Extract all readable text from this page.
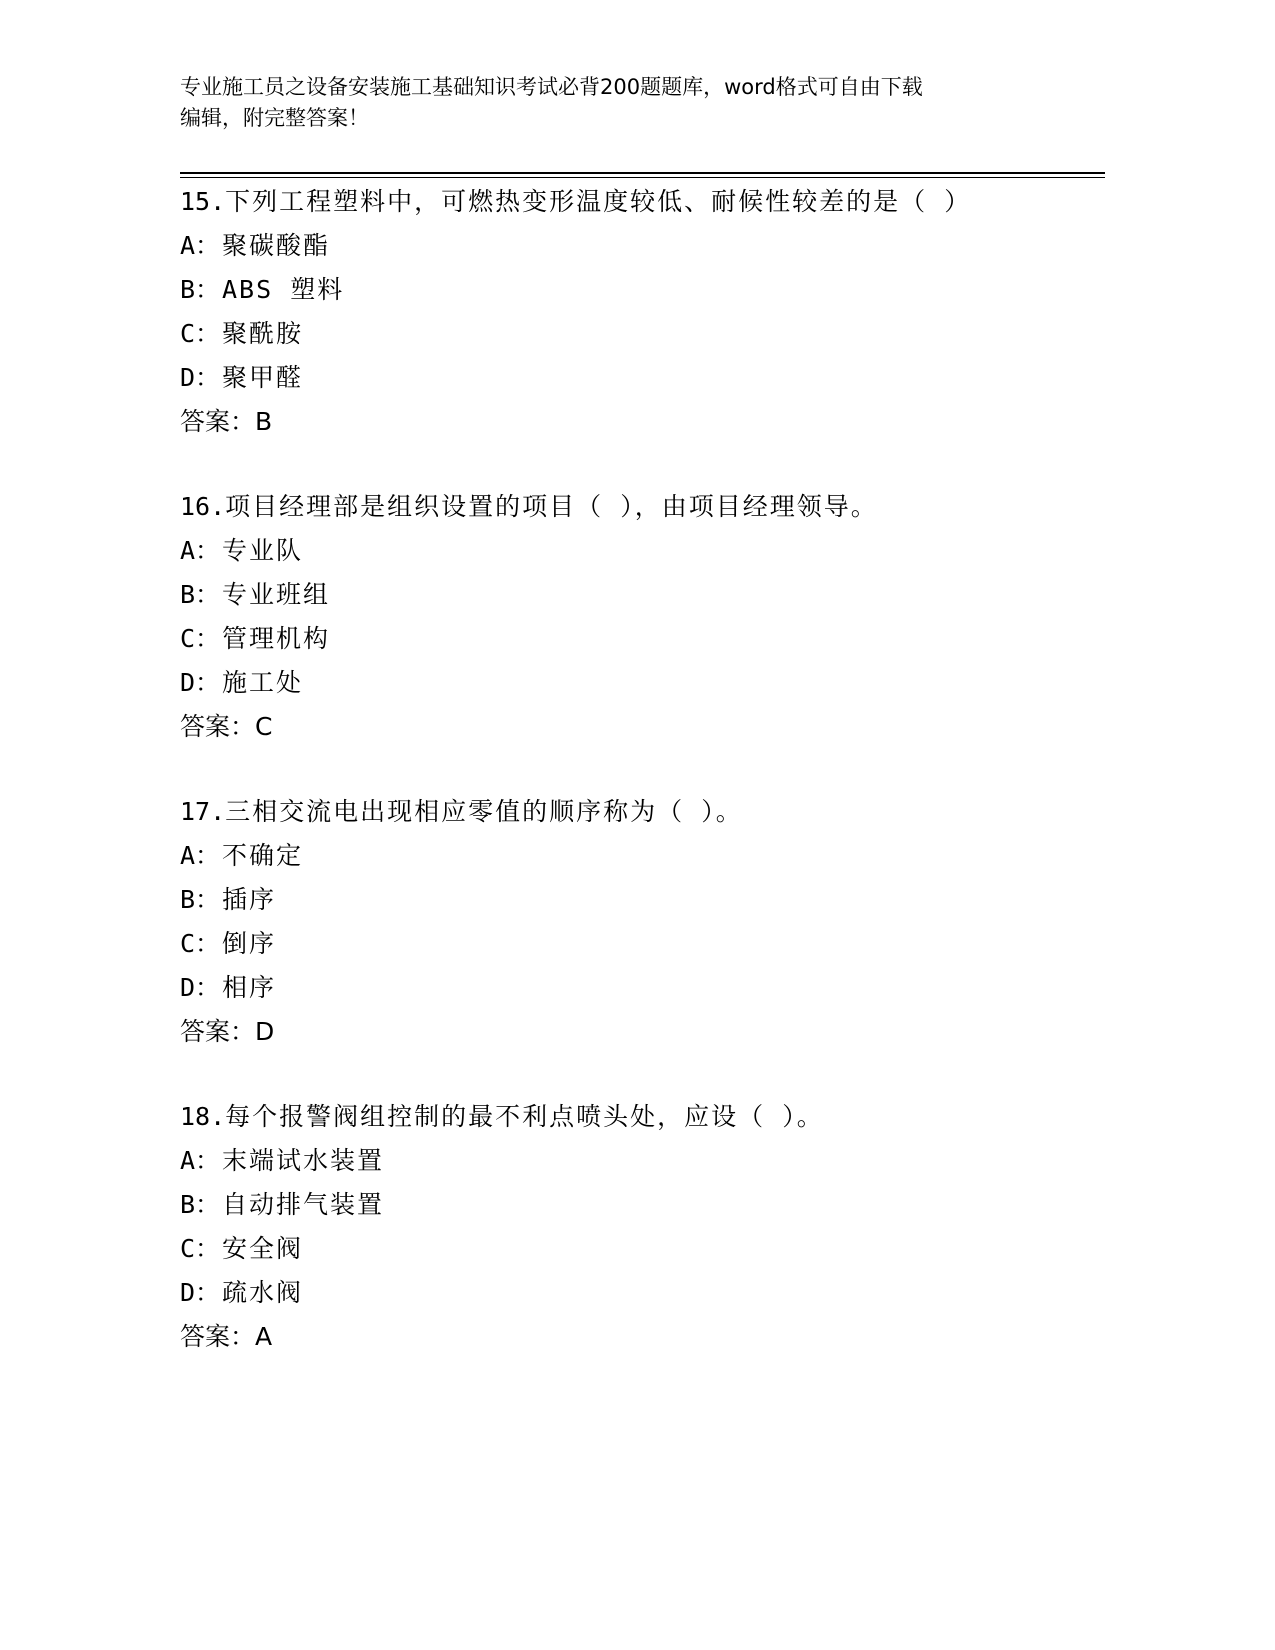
专业施工员之设备安装施工基础知识考试必背200题题库，word格式可自由下载
编辑，附完整答案！
15.下列工程塑料中，可燃热变形温度较低、耐候性较差的是（ ）
A：聚碳酸酯
B：ABS 塑料
C：聚酰胺
D：聚甲醛
答案：B
16.项目经理部是组织设置的项目（ ），由项目经理领导。
A：专业队
B：专业班组
C：管理机构
D：施工处
答案：C
17.三相交流电出现相应零值的顺序称为（ ）。
A：不确定
B：插序
C：倒序
D：相序
答案：D
18.每个报警阀组控制的最不利点喷头处，应设（ ）。
A：末端试水装置
B：自动排气装置
C：安全阀
D：疏水阀
答案：A
